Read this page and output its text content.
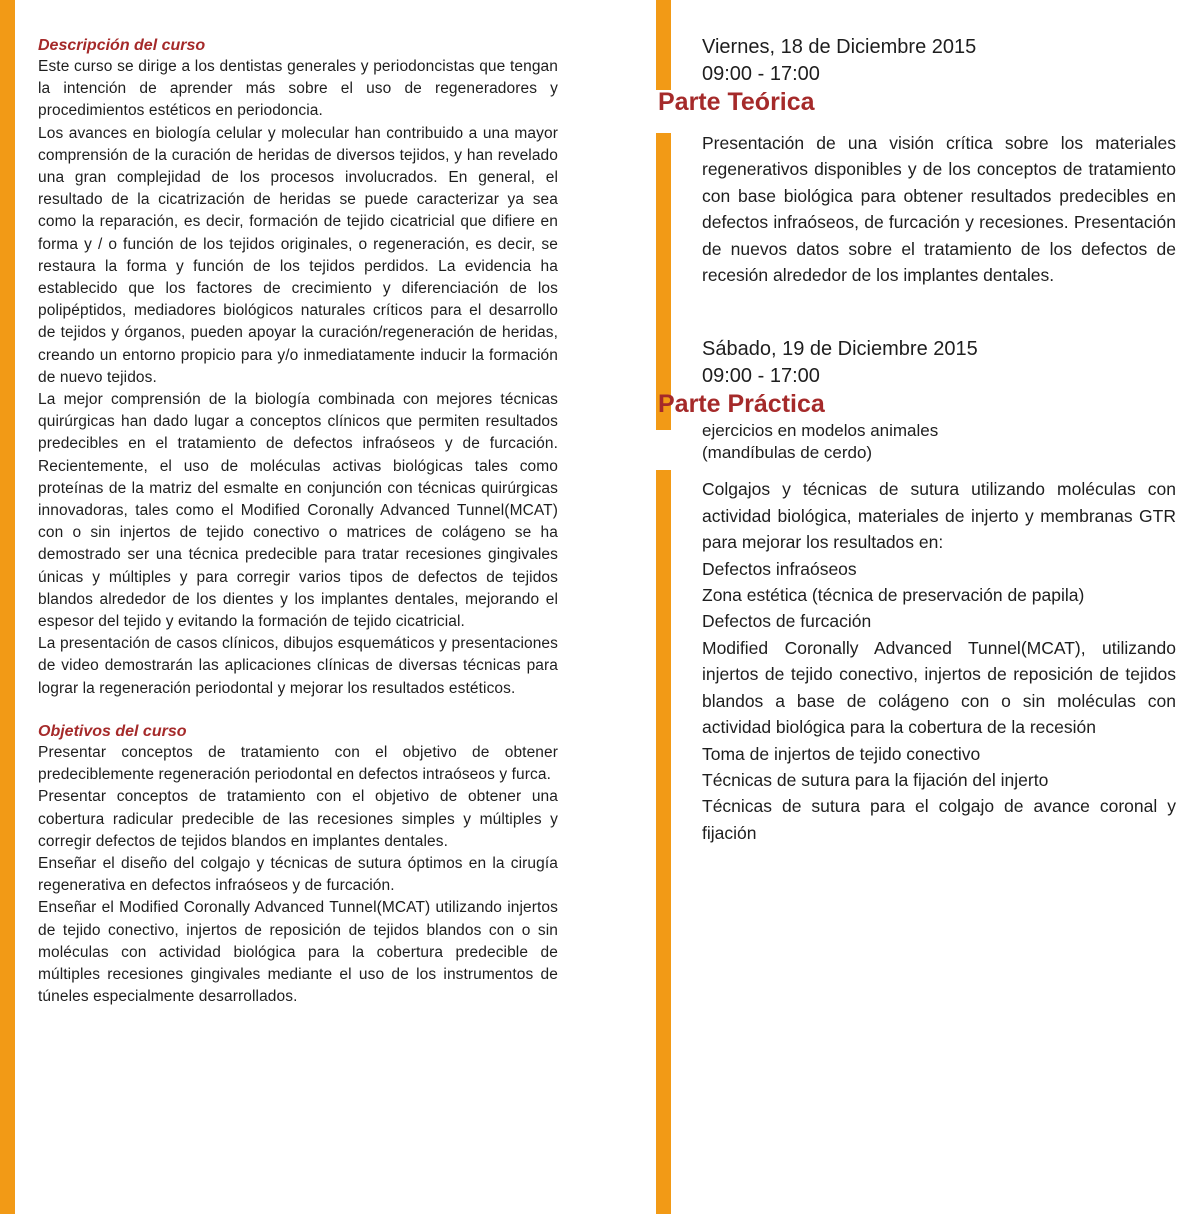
Descripción del curso

Este curso se dirige a los dentistas generales y periodoncistas que tengan la intención de aprender más sobre el uso de regeneradores y procedimientos estéticos en periodoncia.

Los avances en biología celular y molecular han contribuido a una mayor comprensión de la curación de heridas de diversos tejidos, y han revelado una gran complejidad de los procesos involucrados. En general, el resultado de la cicatrización de heridas se puede caracterizar ya sea como la reparación, es decir, formación de tejido cicatricial que difiere en forma y / o función de los tejidos originales, o regeneración, es decir, se restaura la forma y función de los tejidos perdidos. La evidencia ha establecido que los factores de crecimiento y diferenciación de los polipéptidos, mediadores biológicos naturales críticos para el desarrollo de tejidos y órganos, pueden apoyar la curación/regeneración de heridas, creando un entorno propicio para y/o inmediatamente inducir la formación de nuevo tejidos.

La mejor comprensión de la biología combinada con mejores técnicas quirúrgicas han dado lugar a conceptos clínicos que permiten resultados predecibles en el tratamiento de defectos infraóseos y de furcación. Recientemente, el uso de moléculas activas biológicas tales como proteínas de la matriz del esmalte en conjunción con técnicas quirúrgicas innovadoras, tales como el Modified Coronally Advanced Tunnel(MCAT) con o sin injertos de tejido conectivo o matrices de colágeno se ha demostrado ser una técnica predecible para tratar recesiones gingivales únicas y múltiples y para corregir varios tipos de defectos de tejidos blandos alrededor de los dientes y los implantes dentales, mejorando el espesor del tejido y evitando la formación de tejido cicatricial.

La presentación de casos clínicos, dibujos esquemáticos y presentaciones de video demostrarán las aplicaciones clínicas de diversas técnicas para lograr la regeneración periodontal y mejorar los resultados estéticos.

Objetivos del curso

Presentar conceptos de tratamiento con el objetivo de obtener predeciblemente regeneración periodontal en defectos intraóseos y furca.

Presentar conceptos de tratamiento con el objetivo de obtener una cobertura radicular predecible de las recesiones simples y múltiples y corregir defectos de tejidos blandos en implantes dentales.

Enseñar el diseño del colgajo y técnicas de sutura óptimos en la cirugía regenerativa en defectos infraóseos y de furcación.

Enseñar el Modified Coronally Advanced Tunnel(MCAT) utilizando injertos de tejido conectivo, injertos de reposición de tejidos blandos con o sin moléculas con actividad biológica para la cobertura predecible de múltiples recesiones gingivales mediante el uso de los instrumentos de túneles especialmente desarrollados.

Viernes, 18 de Diciembre 2015

09:00 - 17:00

Parte Teórica

Presentación de una visión crítica sobre los materiales regenerativos disponibles y de los conceptos de tratamiento con base biológica para obtener resultados predecibles en defectos infraóseos, de furcación y recesiones. Presentación de nuevos datos sobre el tratamiento de los defectos de recesión alrededor de los implantes dentales.

Sábado, 19 de Diciembre 2015

09:00 - 17:00

Parte Práctica

ejercicios en modelos animales

(mandíbulas de cerdo)

Colgajos y técnicas de sutura utilizando moléculas con actividad biológica, materiales de injerto y membranas GTR para mejorar los resultados en:

Defectos infraóseos

Zona estética (técnica de preservación de papila)

Defectos de furcación

Modified Coronally Advanced Tunnel(MCAT), utilizando injertos de tejido conectivo, injertos de reposición de tejidos blandos a base de colágeno con o sin moléculas con actividad biológica para la cobertura de la recesión

Toma de injertos de tejido conectivo

Técnicas de sutura para la fijación del injerto

Técnicas de sutura para el colgajo de avance coronal y fijación
